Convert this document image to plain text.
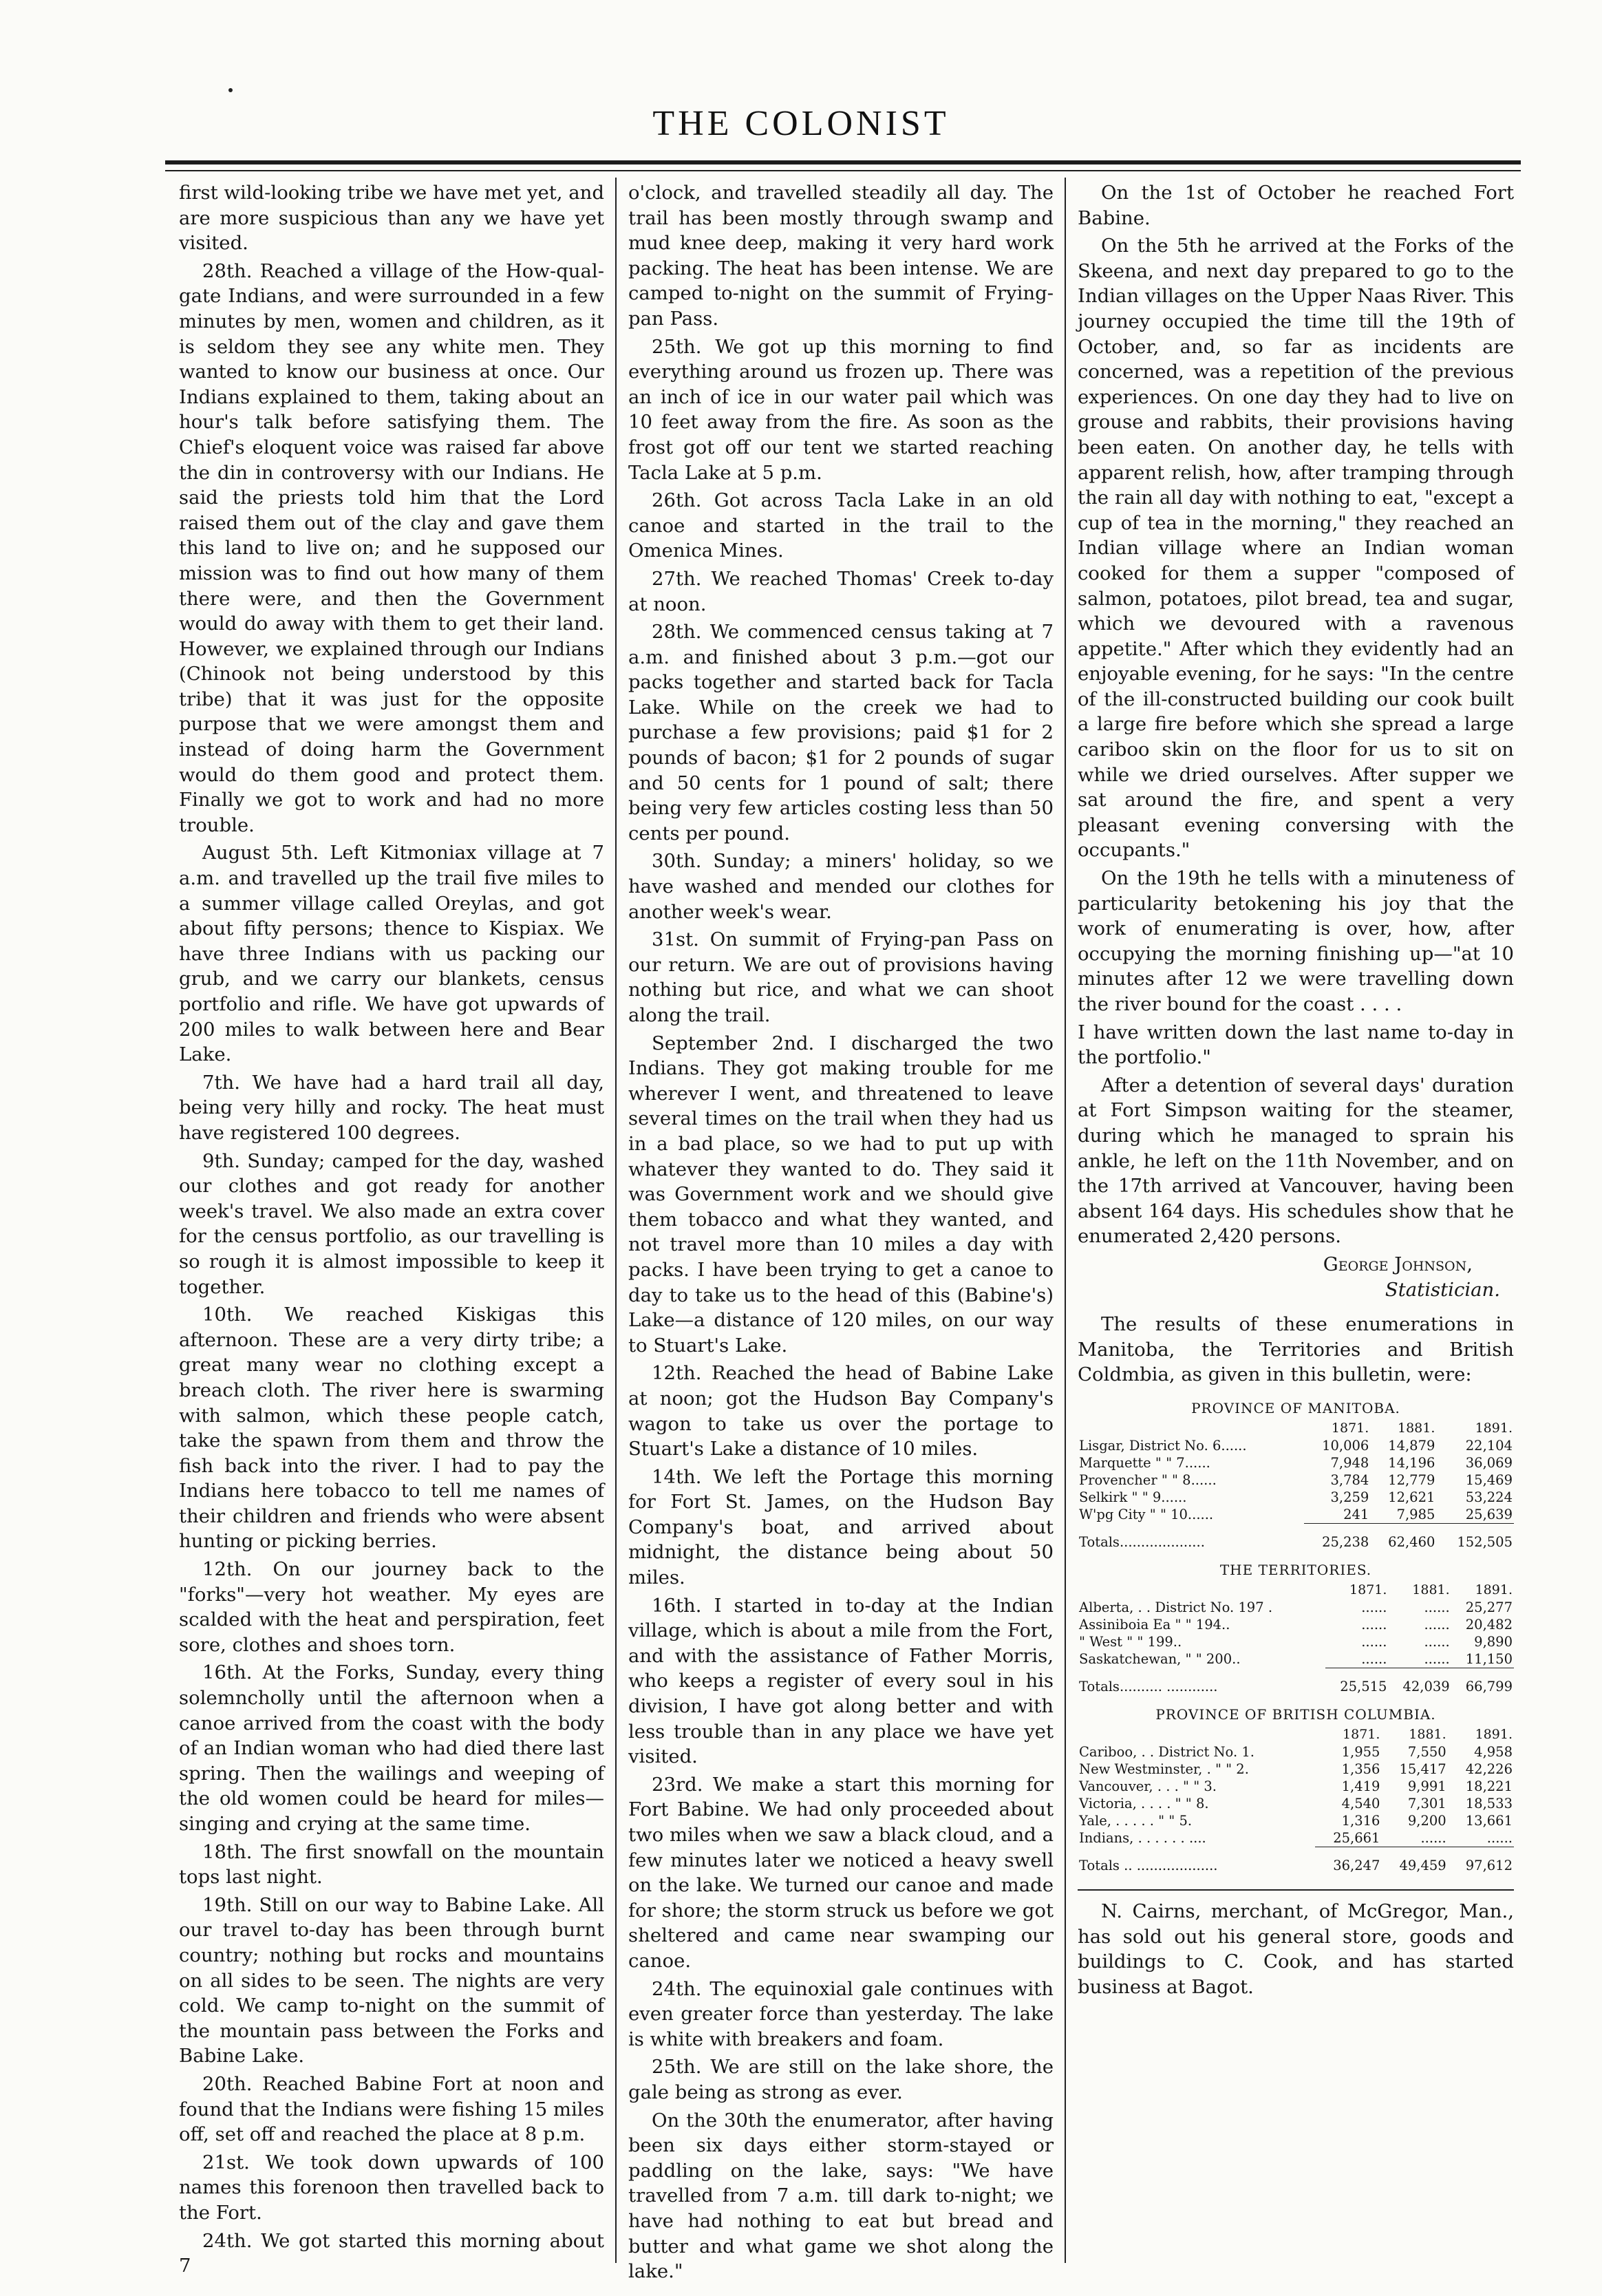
THE COLONIST

first wild-looking tribe we have met yet, and are more suspicious than any we have yet visited.

28th. Reached a village of the How-qual-gate Indians, and were surrounded in a few minutes by men, women and children, as it is seldom they see any white men. They wanted to know our business at once. Our Indians explained to them, taking about an hour's talk before satisfying them. The Chief's eloquent voice was raised far above the din in controversy with our Indians. He said the priests told him that the Lord raised them out of the clay and gave them this land to live on; and he supposed our mission was to find out how many of them there were, and then the Government would do away with them to get their land. However, we explained through our Indians (Chinook not being understood by this tribe) that it was just for the opposite purpose that we were amongst them and instead of doing harm the Government would do them good and protect them. Finally we got to work and had no more trouble.

August 5th. Left Kitmoniax village at 7 a.m. and travelled up the trail five miles to a summer village called Oreylas, and got about fifty persons; thence to Kispiax. We have three Indians with us packing our grub, and we carry our blankets, census portfolio and rifle. We have got upwards of 200 miles to walk between here and Bear Lake.

7th. We have had a hard trail all day, being very hilly and rocky. The heat must have registered 100 degrees.

9th. Sunday; camped for the day, washed our clothes and got ready for another week's travel. We also made an extra cover for the census portfolio, as our travelling is so rough it is almost impossible to keep it together.

10th. We reached Kiskigas this afternoon. These are a very dirty tribe; a great many wear no clothing except a breach cloth. The river here is swarming with salmon, which these people catch, take the spawn from them and throw the fish back into the river. I had to pay the Indians here tobacco to tell me names of their children and friends who were absent hunting or picking berries.

12th. On our journey back to the "forks"—very hot weather. My eyes are scalded with the heat and perspiration, feet sore, clothes and shoes torn.

16th. At the Forks, Sunday, every thing solemncholly until the afternoon when a canoe arrived from the coast with the body of an Indian woman who had died there last spring. Then the wailings and weeping of the old women could be heard for miles—singing and crying at the same time.

18th. The first snowfall on the mountain tops last night.

19th. Still on our way to Babine Lake. All our travel to-day has been through burnt country; nothing but rocks and mountains on all sides to be seen. The nights are very cold. We camp to-night on the summit of the mountain pass between the Forks and Babine Lake.

20th. Reached Babine Fort at noon and found that the Indians were fishing 15 miles off, set off and reached the place at 8 p.m.

21st. We took down upwards of 100 names this forenoon then travelled back to the Fort.

24th. We got started this morning about 7

o'clock, and travelled steadily all day. The trail has been mostly through swamp and mud knee deep, making it very hard work packing. The heat has been intense. We are camped to-night on the summit of Frying-pan Pass.

25th. We got up this morning to find everything around us frozen up. There was an inch of ice in our water pail which was 10 feet away from the fire. As soon as the frost got off our tent we started reaching Tacla Lake at 5 p.m.

26th. Got across Tacla Lake in an old canoe and started in the trail to the Omenica Mines.

27th. We reached Thomas' Creek to-day at noon.

28th. We commenced census taking at 7 a.m. and finished about 3 p.m.—got our packs together and started back for Tacla Lake. While on the creek we had to purchase a few provisions; paid $1 for 2 pounds of bacon; $1 for 2 pounds of sugar and 50 cents for 1 pound of salt; there being very few articles costing less than 50 cents per pound.

30th. Sunday; a miners' holiday, so we have washed and mended our clothes for another week's wear.

31st. On summit of Frying-pan Pass on our return. We are out of provisions having nothing but rice, and what we can shoot along the trail.

September 2nd. I discharged the two Indians. They got making trouble for me wherever I went, and threatened to leave several times on the trail when they had us in a bad place, so we had to put up with whatever they wanted to do. They said it was Government work and we should give them tobacco and what they wanted, and not travel more than 10 miles a day with packs. I have been trying to get a canoe to day to take us to the head of this (Babine's) Lake—a distance of 120 miles, on our way to Stuart's Lake.

12th. Reached the head of Babine Lake at noon; got the Hudson Bay Company's wagon to take us over the portage to Stuart's Lake a distance of 10 miles.

14th. We left the Portage this morning for Fort St. James, on the Hudson Bay Company's boat, and arrived about midnight, the distance being about 50 miles.

16th. I started in to-day at the Indian village, which is about a mile from the Fort, and with the assistance of Father Morris, who keeps a register of every soul in his division, I have got along better and with less trouble than in any place we have yet visited.

23rd. We make a start this morning for Fort Babine. We had only proceeded about two miles when we saw a black cloud, and a few minutes later we noticed a heavy swell on the lake. We turned our canoe and made for shore; the storm struck us before we got sheltered and came near swamping our canoe.

24th. The equinoxial gale continues with even greater force than yesterday. The lake is white with breakers and foam.

25th. We are still on the lake shore, the gale being as strong as ever.

On the 30th the enumerator, after having been six days either storm-stayed or paddling on the lake, says: "We have travelled from 7 a.m. till dark to-night; we have had nothing to eat but bread and butter and what game we shot along the lake."

On the 1st of October he reached Fort Babine.

On the 5th he arrived at the Forks of the Skeena, and next day prepared to go to the Indian villages on the Upper Naas River. This journey occupied the time till the 19th of October, and, so far as incidents are concerned, was a repetition of the previous experiences. On one day they had to live on grouse and rabbits, their provisions having been eaten. On another day, he tells with apparent relish, how, after tramping through the rain all day with nothing to eat, "except a cup of tea in the morning," they reached an Indian village where an Indian woman cooked for them a supper "composed of salmon, potatoes, pilot bread, tea and sugar, which we devoured with a ravenous appetite." After which they evidently had an enjoyable evening, for he says: "In the centre of the ill-constructed building our cook built a large fire before which she spread a large cariboo skin on the floor for us to sit on while we dried ourselves. After supper we sat around the fire, and spent a very pleasant evening conversing with the occupants."

On the 19th he tells with a minuteness of particularity betokening his joy that the work of enumerating is over, how, after occupying the morning finishing up—"at 10 minutes after 12 we were travelling down the river bound for the coast . . . .

I have written down the last name to-day in the portfolio."

After a detention of several days' duration at Fort Simpson waiting for the steamer, during which he managed to sprain his ankle, he left on the 11th November, and on the 17th arrived at Vancouver, having been absent 164 days. His schedules show that he enumerated 2,420 persons.

George Johnson,
Statistician.

The results of these enumerations in Manitoba, the Territories and British Coldmbia, as given in this bulletin, were:

PROVINCE OF MANITOBA.			
	1871.	1881.	1891.
Lisgar, District No. 6......	10,006	14,879	22,104
Marquette " " 7......	7,948	14,196	36,069
Provencher " " 8......	3,784	12,779	15,469
Selkirk " " 9......	3,259	12,621	53,224
W'pg City " " 10......	241	7,985	25,639

Totals....................	25,238	62,460	152,505
THE TERRITORIES.			
	1871.	1881.	1891.
Alberta, . . District No. 197 .	......	......	25,277
Assiniboia Ea " " 194..	......	......	20,482
" West " " 199..	......	......	9,890
Saskatchewan, " " 200..	......	......	11,150

Totals.......... ............	25,515	42,039	66,799
PROVINCE OF BRITISH COLUMBIA.			
	1871.	1881.	1891.
Cariboo, . . District No. 1.	1,955	7,550	4,958
New Westminster, . " " 2.	1,356	15,417	42,226
Vancouver, . . . " " 3.	1,419	9,991	18,221
Victoria, . . . . " " 8.	4,540	7,301	18,533
Yale, . . . . . " " 5.	1,316	9,200	13,661
Indians, . . . . . . ....	25,661	......	......

Totals .. ...................	36,247	49,459	97,612

N. Cairns, merchant, of McGregor, Man., has sold out his general store, goods and buildings to C. Cook, and has started business at Bagot.
